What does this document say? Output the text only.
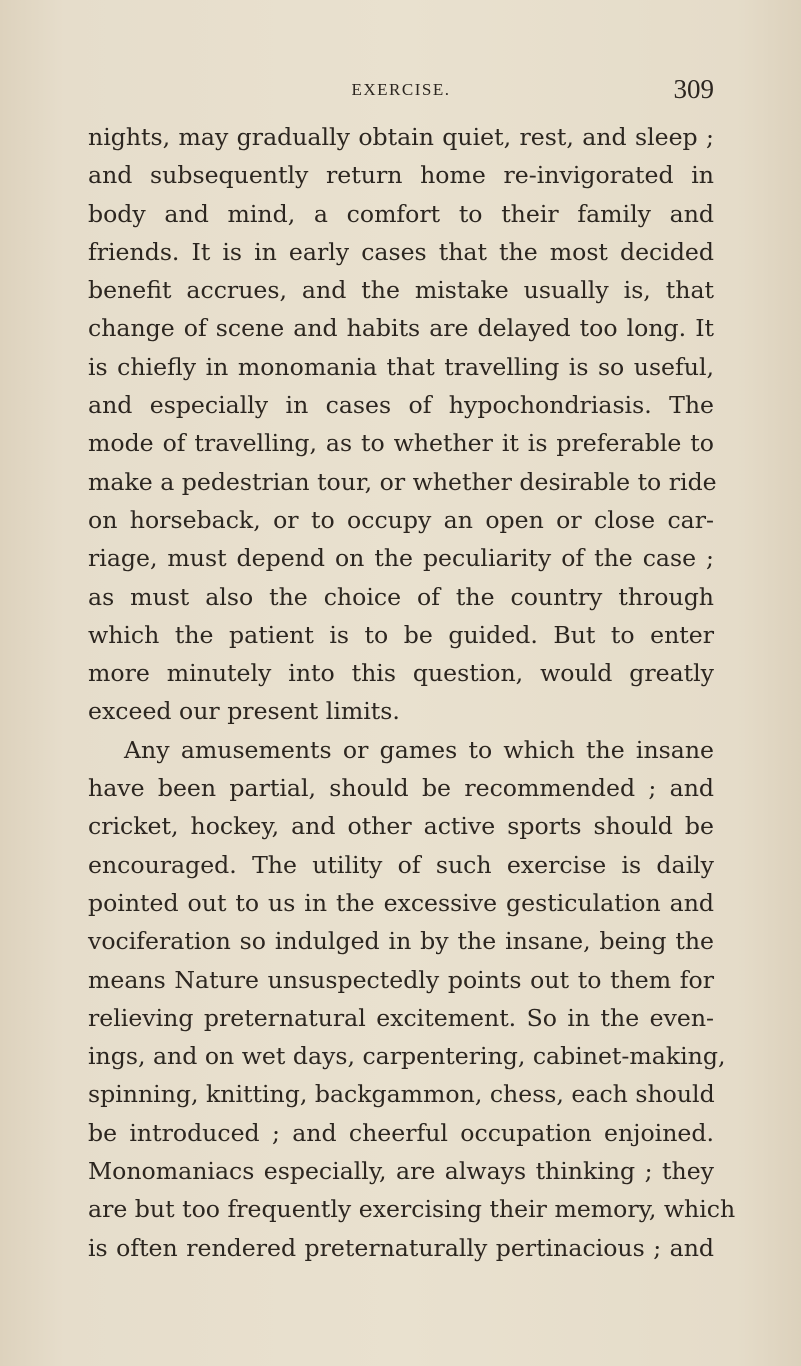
EXERCISE.	309
nights, may gradually obtain quiet, rest, and sleep ;
and subsequently return home re-invigorated in
body and mind, a comfort to their family and
friends. It is in early cases that the most decided
benefit accrues, and the mistake usually is, that
change of scene and habits are delayed too long. It
is chiefly in monomania that travelling is so useful,
and especially in cases of hypochondriasis. The
mode of travelling, as to whether it is preferable to
make a pedestrian tour, or whether desirable to ride
on horseback, or to occupy an open or close car-
riage, must depend on the peculiarity of the case ;
as must also the choice of the country through
which the patient is to be guided. But to enter
more minutely into this question, would greatly
exceed our present limits.
Any amusements or games to which the insane
have been partial, should be recommended ; and
cricket, hockey, and other active sports should be
encouraged. The utility of such exercise is daily
pointed out to us in the excessive gesticulation and
vociferation so indulged in by the insane, being the
means Nature unsuspectedly points out to them for
relieving preternatural excitement. So in the even-
ings, and on wet days, carpentering, cabinet-making,
spinning, knitting, backgammon, chess, each should
be introduced ; and cheerful occupation enjoined.
Monomaniacs especially, are always thinking ; they
are but too frequently exercising their memory, which
is often rendered preternaturally pertinacious ; and
